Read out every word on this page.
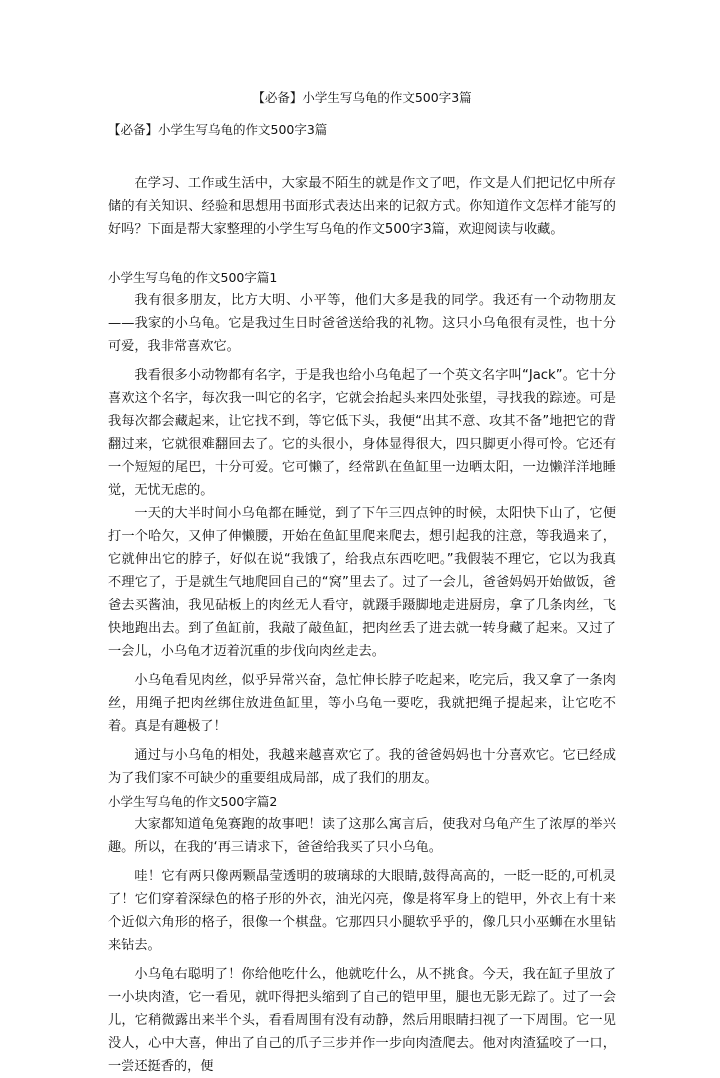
【必备】小学生写乌龟的作文500字3篇

【必备】小学生写乌龟的作文500字3篇

在学习、工作或生活中，大家最不陌生的就是作文了吧，作文是人们把记忆中所存储的有关知识、经验和思想用书面形式表达出来的记叙方式。你知道作文怎样才能写的好吗？下面是帮大家整理的小学生写乌龟的作文500字3篇，欢迎阅读与收藏。

小学生写乌龟的作文500字篇1

我有很多朋友，比方大明、小平等，他们大多是我的同学。我还有一个动物朋友——我家的小乌龟。它是我过生日时爸爸送给我的礼物。这只小乌龟很有灵性，也十分可爱，我非常喜欢它。

我看很多小动物都有名字，于是我也给小乌龟起了一个英文名字叫“Jack”。它十分喜欢这个名字，每次我一叫它的名字，它就会抬起头来四处张望，寻找我的踪迹。可是我每次都会藏起来，让它找不到，等它低下头，我便“出其不意、攻其不备”地把它的背翻过来，它就很难翻回去了。它的头很小，身体显得很大，四只脚更小得可怜。它还有一个短短的尾巴，十分可爱。它可懒了，经常趴在鱼缸里一边晒太阳，一边懒洋洋地睡觉，无忧无虑的。

一天的大半时间小乌龟都在睡觉，到了下午三四点钟的时候，太阳快下山了，它便打一个哈欠，又伸了伸懒腰，开始在鱼缸里爬来爬去，想引起我的注意，等我過来了，它就伸出它的脖子，好似在说“我饿了，给我点东西吃吧。”我假装不理它，它以为我真不理它了，于是就生气地爬回自己的“窝”里去了。过了一会儿，爸爸妈妈开始做饭，爸爸去买酱油，我见砧板上的肉丝无人看守，就蹑手蹑脚地走进厨房，拿了几条肉丝，飞快地跑出去。到了鱼缸前，我敲了敲鱼缸，把肉丝丢了进去就一转身藏了起来。又过了一会儿，小乌龟才迈着沉重的步伐向肉丝走去。

小乌龟看见肉丝，似乎异常兴奋，急忙伸长脖子吃起来，吃完后，我又拿了一条肉丝，用绳子把肉丝绑住放进鱼缸里，等小乌龟一要吃，我就把绳子提起来，让它吃不着。真是有趣极了！

通过与小乌龟的相处，我越来越喜欢它了。我的爸爸妈妈也十分喜欢它。它已经成为了我们家不可缺少的重要组成局部，成了我们的朋友。

小学生写乌龟的作文500字篇2

大家都知道龟兔赛跑的故事吧！读了这那么寓言后，使我对乌龟产生了浓厚的举兴趣。所以，在我的‘再三请求下，爸爸给我买了只小乌龟。

哇！它有两只像两颗晶莹透明的玻璃球的大眼睛,鼓得高高的，一眨一眨的,可机灵了！它们穿着深绿色的格子形的外衣，油光闪亮，像是将军身上的铠甲，外衣上有十来个近似六角形的格子，很像一个棋盘。它那四只小腿软乎乎的，像几只小巫蛳在水里钻来钻去。

小乌龟右聪明了！你给他吃什么，他就吃什么，从不挑食。今天，我在缸子里放了一小块肉渣，它一看见，就吓得把头缩到了自己的铠甲里，腿也无影无踪了。过了一会儿，它稍微露出来半个头，看看周围有没有动静，然后用眼睛扫视了一下周围。它一见没人，心中大喜，伸出了自己的爪子三步并作一步向肉渣爬去。他对肉渣猛咬了一口，一尝还挺香的，便
